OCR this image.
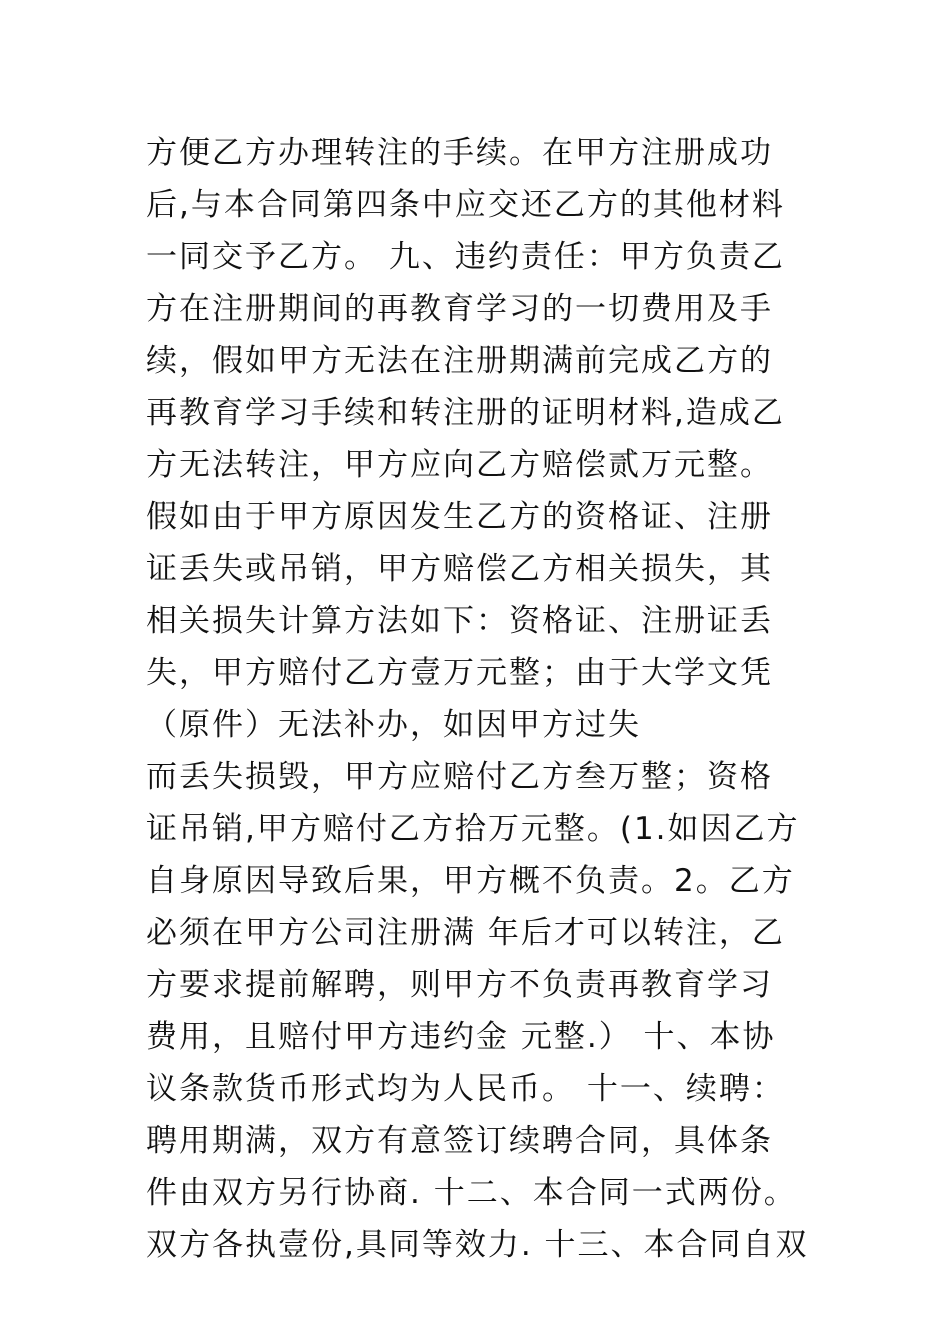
方便乙方办理转注的手续。在甲方注册成功
后,与本合同第四条中应交还乙方的其他材料
一同交予乙方。 九、违约责任：甲方负责乙
方在注册期间的再教育学习的一切费用及手
续，假如甲方无法在注册期满前完成乙方的
再教育学习手续和转注册的证明材料,造成乙
方无法转注，甲方应向乙方赔偿贰万元整。
假如由于甲方原因发生乙方的资格证、注册
证丢失或吊销，甲方赔偿乙方相关损失，其
相关损失计算方法如下：资格证、注册证丢
失，甲方赔付乙方壹万元整；由于大学文凭
（原件）无法补办，如因甲方过失
而丢失损毁，甲方应赔付乙方叁万整；资格
证吊销,甲方赔付乙方拾万元整。(1.如因乙方
自身原因导致后果，甲方概不负责。2。乙方
必须在甲方公司注册满 年后才可以转注，乙
方要求提前解聘，则甲方不负责再教育学习
费用，且赔付甲方违约金 元整.） 十、本协
议条款货币形式均为人民币。 十一、续聘：
聘用期满，双方有意签订续聘合同，具体条
件由双方另行协商. 十二、本合同一式两份。
双方各执壹份,具同等效力. 十三、本合同自双
